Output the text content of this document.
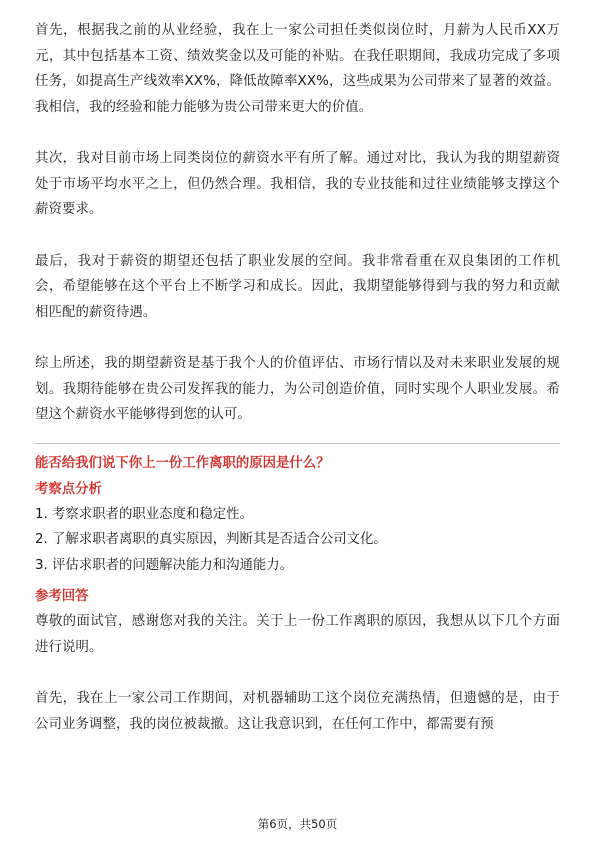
首先，根据我之前的从业经验，我在上一家公司担任类似岗位时，月薪为人民币XX万元，其中包括基本工资、绩效奖金以及可能的补贴。在我任职期间，我成功完成了多项任务，如提高生产线效率XX%，降低故障率XX%，这些成果为公司带来了显著的效益。我相信，我的经验和能力能够为贵公司带来更大的价值。

其次，我对目前市场上同类岗位的薪资水平有所了解。通过对比，我认为我的期望薪资处于市场平均水平之上，但仍然合理。我相信，我的专业技能和过往业绩能够支撑这个薪资要求。

最后，我对于薪资的期望还包括了职业发展的空间。我非常看重在双良集团的工作机会，希望能够在这个平台上不断学习和成长。因此，我期望能够得到与我的努力和贡献相匹配的薪资待遇。

综上所述，我的期望薪资是基于我个人的价值评估、市场行情以及对未来职业发展的规划。我期待能够在贵公司发挥我的能力，为公司创造价值，同时实现个人职业发展。希望这个薪资水平能够得到您的认可。

能否给我们说下你上一份工作离职的原因是什么？

考察点分析

1. 考察求职者的职业态度和稳定性。

2. 了解求职者离职的真实原因，判断其是否适合公司文化。

3. 评估求职者的问题解决能力和沟通能力。

参考回答

尊敬的面试官，感谢您对我的关注。关于上一份工作离职的原因，我想从以下几个方面进行说明。

首先，我在上一家公司工作期间，对机器辅助工这个岗位充满热情，但遗憾的是，由于公司业务调整，我的岗位被裁撤。这让我意识到，在任何工作中，都需要有预

第6页，共50页
